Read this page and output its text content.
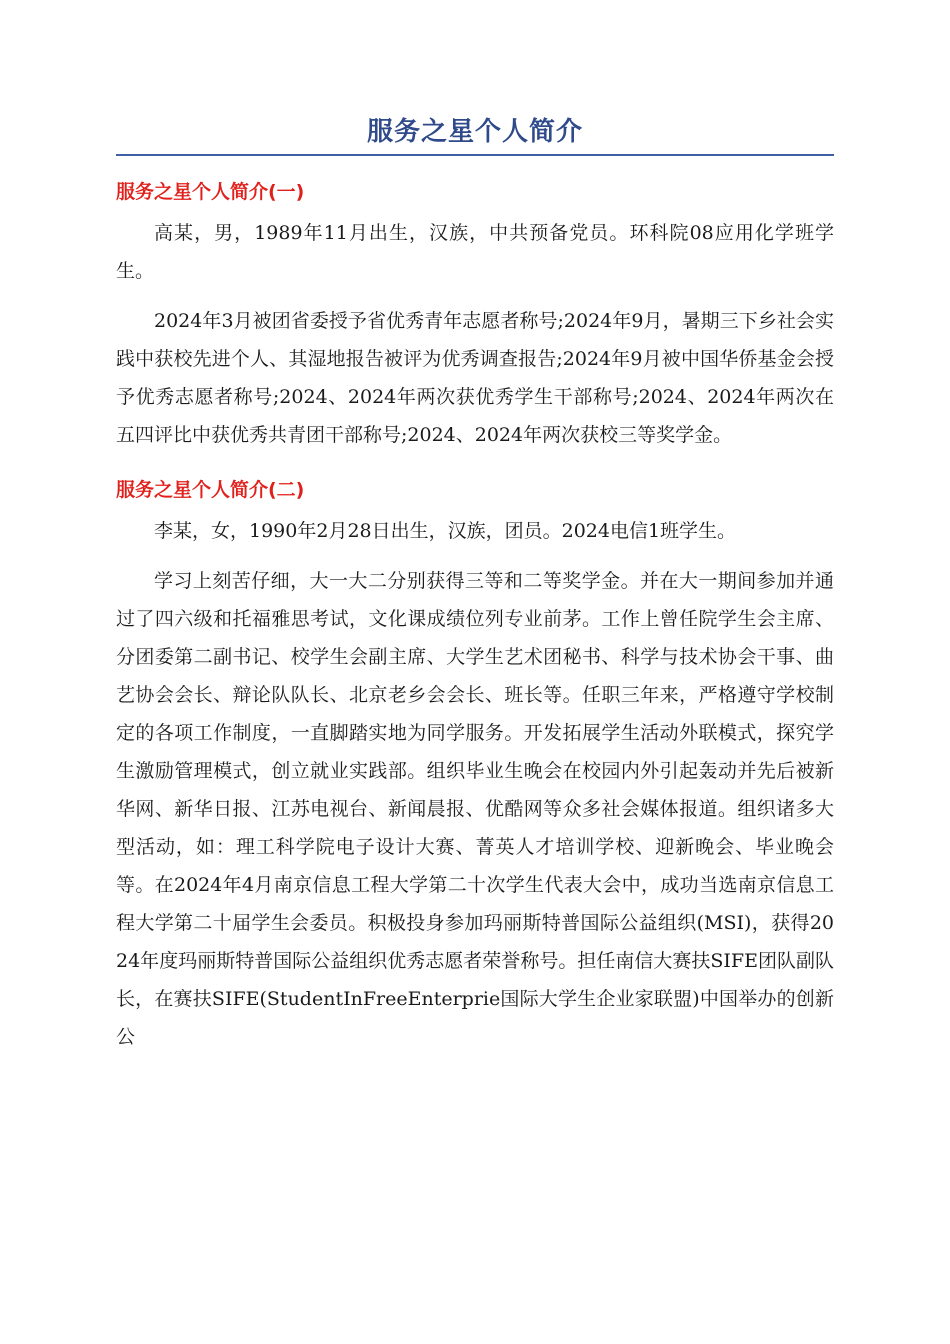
服务之星个人简介
服务之星个人简介(一)

高某，男，1989年11月出生，汉族，中共预备党员。环科院08应用化学班学生。

2024年3月被团省委授予省优秀青年志愿者称号;2024年9月，暑期三下乡社会实践中获校先进个人、其湿地报告被评为优秀调查报告;2024年9月被中国华侨基金会授予优秀志愿者称号;2024、2024年两次获优秀学生干部称号;2024、2024年两次在五四评比中获优秀共青团干部称号;2024、2024年两次获校三等奖学金。

服务之星个人简介(二)

李某，女，1990年2月28日出生，汉族，团员。2024电信1班学生。

学习上刻苦仔细，大一大二分别获得三等和二等奖学金。并在大一期间参加并通过了四六级和托福雅思考试，文化课成绩位列专业前茅。工作上曾任院学生会主席、分团委第二副书记、校学生会副主席、大学生艺术团秘书、科学与技术协会干事、曲艺协会会长、辩论队队长、北京老乡会会长、班长等。任职三年来，严格遵守学校制定的各项工作制度，一直脚踏实地为同学服务。开发拓展学生活动外联模式，探究学生激励管理模式，创立就业实践部。组织毕业生晚会在校园内外引起轰动并先后被新华网、新华日报、江苏电视台、新闻晨报、优酷网等众多社会媒体报道。组织诸多大型活动，如：理工科学院电子设计大赛、菁英人才培训学校、迎新晚会、毕业晚会等。在2024年4月南京信息工程大学第二十次学生代表大会中，成功当选南京信息工程大学第二十届学生会委员。积极投身参加玛丽斯特普国际公益组织(MSI)，获得2024年度玛丽斯特普国际公益组织优秀志愿者荣誉称号。担任南信大赛扶SIFE团队副队长，在赛扶SIFE(StudentInFreeEnterprie国际大学生企业家联盟)中国举办的创新公
